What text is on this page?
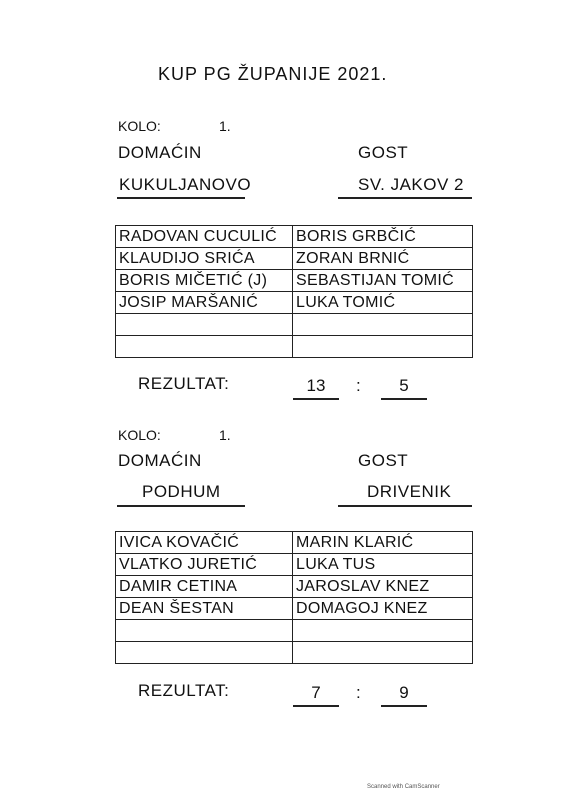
KUP PG ŽUPANIJE 2021.
KOLO:	1.
DOMAĆIN	GOST
KUKULJANOVO	SV. JAKOV 2
RADOVAN CUCULIĆ	BORIS GRBČIĆ
KLAUDIJO SRIĆA	ZORAN BRNIĆ
BORIS MIČETIĆ (J)	SEBASTIJAN TOMIĆ
JOSIP MARŠANIĆ	LUKA TOMIĆ

REZULTAT:	13	:	5
KOLO:	1.
DOMAĆIN	GOST
PODHUM	DRIVENIK
IVICA KOVAČIĆ	MARIN KLARIĆ
VLATKO JURETIĆ	LUKA TUS
DAMIR CETINA	JAROSLAV KNEZ
DEAN ŠESTAN	DOMAGOJ KNEZ

REZULTAT:	7	:	9
Scanned with CamScanner
